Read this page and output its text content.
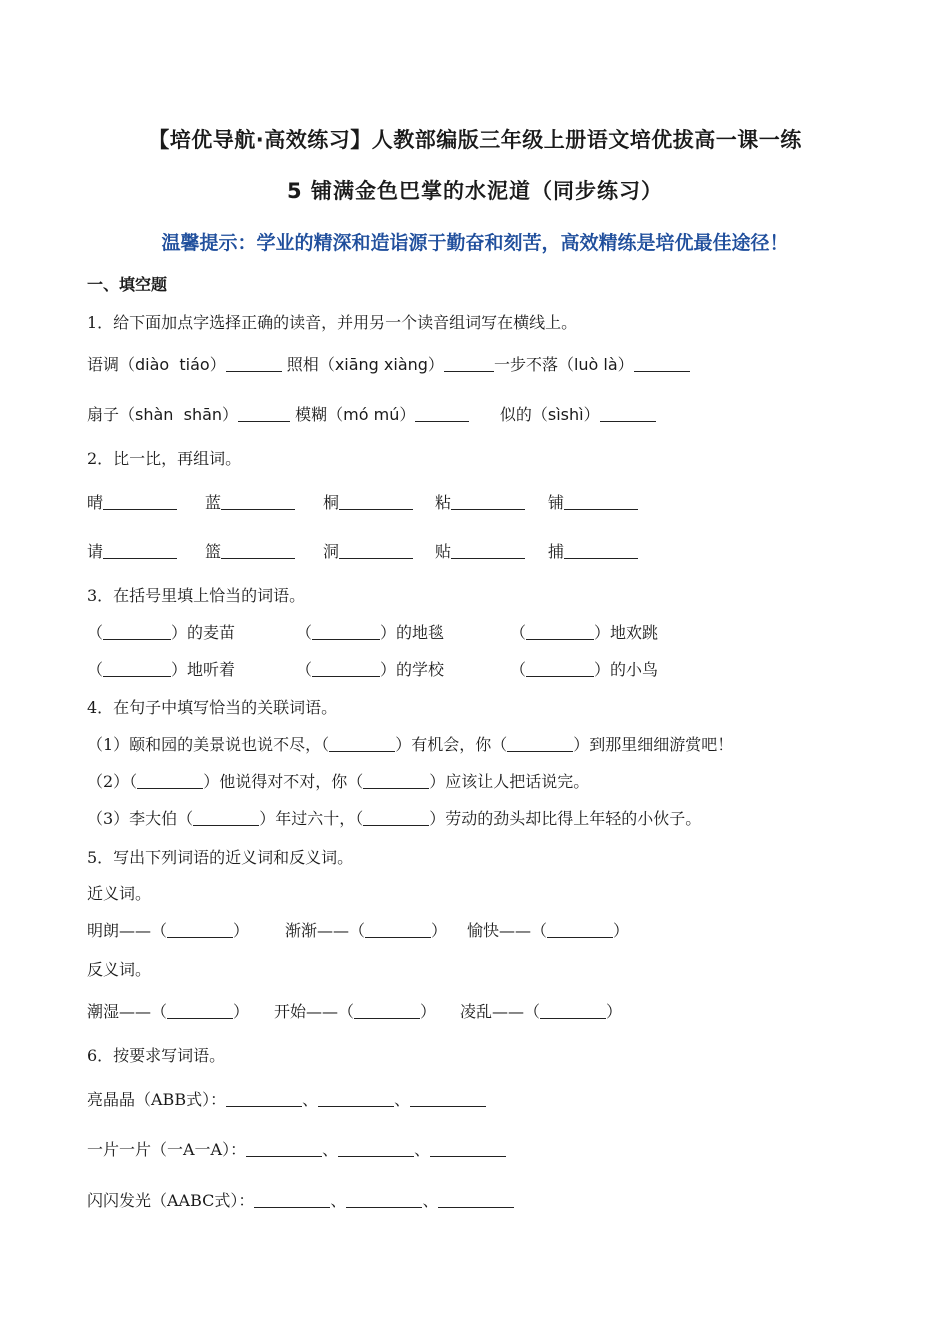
【培优导航·高效练习】人教部编版三年级上册语文培优拔高一课一练
5 铺满金色巴掌的水泥道（同步练习）
温馨提示：学业的精深和造诣源于勤奋和刻苦，高效精练是培优最佳途径！
一、填空题
1．给下面加点字选择正确的读音，并用另一个读音组词写在横线上。
语调（diào  tiáo）	照相（xiāng xiàng）	一步不落（luò là）
扇子（shàn  shān）	模糊（mó mú）	似的（sìshì）
2．比一比，再组词。
晴	蓝	桐	粘	铺
请	篮	洞	贴	捕
3．在括号里填上恰当的词语。
（	）的麦苗	（	）的地毯	（	）地欢跳
（	）地听着	（	）的学校	（	）的小鸟
4．在句子中填写恰当的关联词语。
（1）颐和园的美景说也说不尽，（	）有机会，你（	）到那里细细游赏吧！
（2）（	）他说得对不对，你（	）应该让人把话说完。
（3）李大伯（	）年过六十，（	）劳动的劲头却比得上年轻的小伙子。
5．写出下列词语的近义词和反义词。
近义词。
明朗——（	） 渐渐——（	） 愉快——（	）
反义词。
潮湿——（	） 开始——（	） 凌乱——（	）
6．按要求写词语。
亮晶晶（ABB式）：	、	、
一片一片（一A一A）：	、	、
闪闪发光（AABC式）：	、	、
